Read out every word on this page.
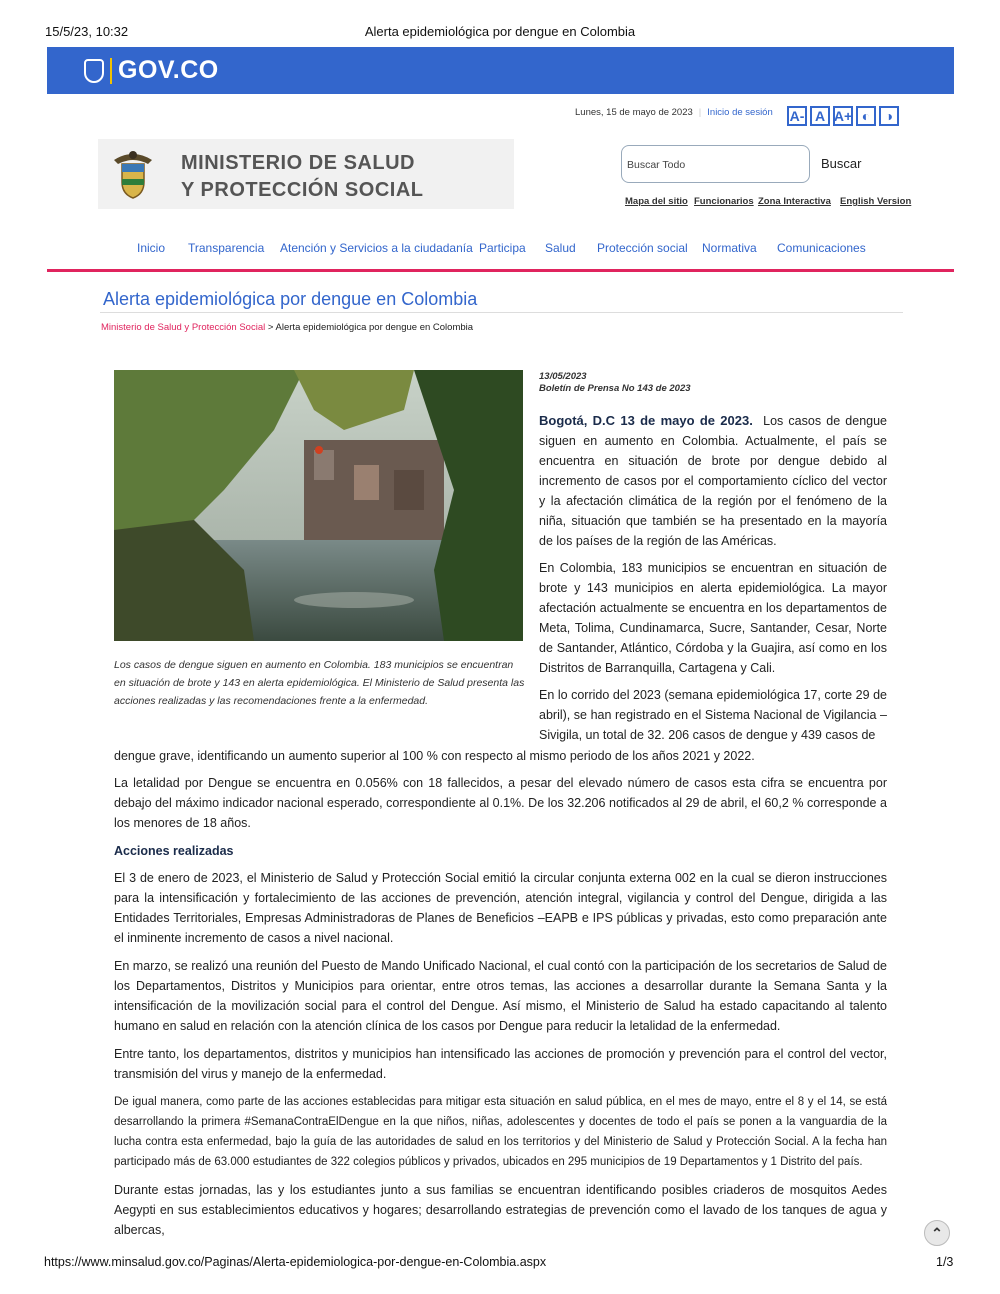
15/5/23, 10:32	Alerta epidemiológica por dengue en Colombia
GOV.CO
Lunes, 15 de mayo de 2023 | Inicio de sesión A- A A+ ◐	◑
MINISTERIO DE SALUD
Y PROTECCIÓN SOCIAL
Buscar Todo	Buscar
Mapa del sitio Funcionarios Zona Interactiva English Version
Inicio Transparencia Atención y Servicios a la ciudadanía Participa Salud Protección social Normativa Comunicaciones
Alerta epidemiológica por dengue en Colombia
Ministerio de Salud y Protección Social > Alerta epidemiológica por dengue en Colombia
Los casos de dengue siguen en aumento en Colombia. 183 municipios se encuentran en situación de brote y 143 en alerta epidemiológica. El Ministerio de Salud presenta las acciones realizadas y las recomendaciones frente a la enfermedad.
13/05/2023
Boletín de Prensa No 143 de 2023

Bogotá, D.C 13 de mayo de 2023. Los casos de dengue siguen en aumento en Colombia. Actualmente, el país se encuentra en situación de brote por dengue debido al incremento de casos por el comportamiento cíclico del vector y la afectación climática de la región por el fenómeno de la niña, situación que también se ha presentado en la mayoría de los países de la región de las Américas.

En Colombia, 183 municipios se encuentran en situación de brote y 143 municipios en alerta epidemiológica. La mayor afectación actualmente se encuentra en los departamentos de Meta, Tolima, Cundinamarca, Sucre, Santander, Cesar, Norte de Santander, Atlántico, Córdoba y la Guajira, así como en los Distritos de Barranquilla, Cartagena y Cali.

En lo corrido del 2023 (semana epidemiológica 17, corte 29 de abril), se han registrado en el Sistema Nacional de Vigilancia – Sivigila, un total de 32. 206 casos de dengue y 439 casos de

dengue grave, identificando un aumento superior al 100 % con respecto al mismo periodo de los años 2021 y 2022.

La letalidad por Dengue se encuentra en 0.056% con 18 fallecidos, a pesar del elevado número de casos esta cifra se encuentra por debajo del máximo indicador nacional esperado, correspondiente al 0.1%. De los 32.206 notificados al 29 de abril, el 60,2 % corresponde a los menores de 18 años.

Acciones realizadas

El 3 de enero de 2023, el Ministerio de Salud y Protección Social emitió la circular conjunta externa 002 en la cual se dieron instrucciones para la intensificación y fortalecimiento de las acciones de prevención, atención integral, vigilancia y control del Dengue, dirigida a las Entidades Territoriales, Empresas Administradoras de Planes de Beneficios –EAPB e IPS públicas y privadas, esto como preparación ante el inminente incremento de casos a nivel nacional.

En marzo, se realizó una reunión del Puesto de Mando Unificado Nacional, el cual contó con la participación de los secretarios de Salud de los Departamentos, Distritos y Municipios para orientar, entre otros temas, las acciones a desarrollar durante la Semana Santa y la intensificación de la movilización social para el control del Dengue. Así mismo, el Ministerio de Salud ha estado capacitando al talento humano en salud en relación con la atención clínica de los casos por Dengue para reducir la letalidad de la enfermedad.

Entre tanto, los departamentos, distritos y municipios han intensificado las acciones de promoción y prevención para el control del vector, transmisión del virus y manejo de la enfermedad.

De igual manera, como parte de las acciones establecidas para mitigar esta situación en salud pública, en el mes de mayo, entre el 8 y el 14, se está desarrollando la primera #SemanaContraElDengue en la que niños, niñas, adolescentes y docentes de todo el país se ponen a la vanguardia de la lucha contra esta enfermedad, bajo la guía de las autoridades de salud en los territorios y del Ministerio de Salud y Protección Social. A la fecha han participado más de 63.000 estudiantes de 322 colegios públicos y privados, ubicados en 295 municipios de 19 Departamentos y 1 Distrito del país.

Durante estas jornadas, las y los estudiantes junto a sus familias se encuentran identificando posibles criaderos de mosquitos Aedes Aegypti en sus establecimientos educativos y hogares; desarrollando estrategias de prevención como el lavado de los tanques de agua y albercas,	⌃
https://www.minsalud.gov.co/Paginas/Alerta-epidemiologica-por-dengue-en-Colombia.aspx	1/3
